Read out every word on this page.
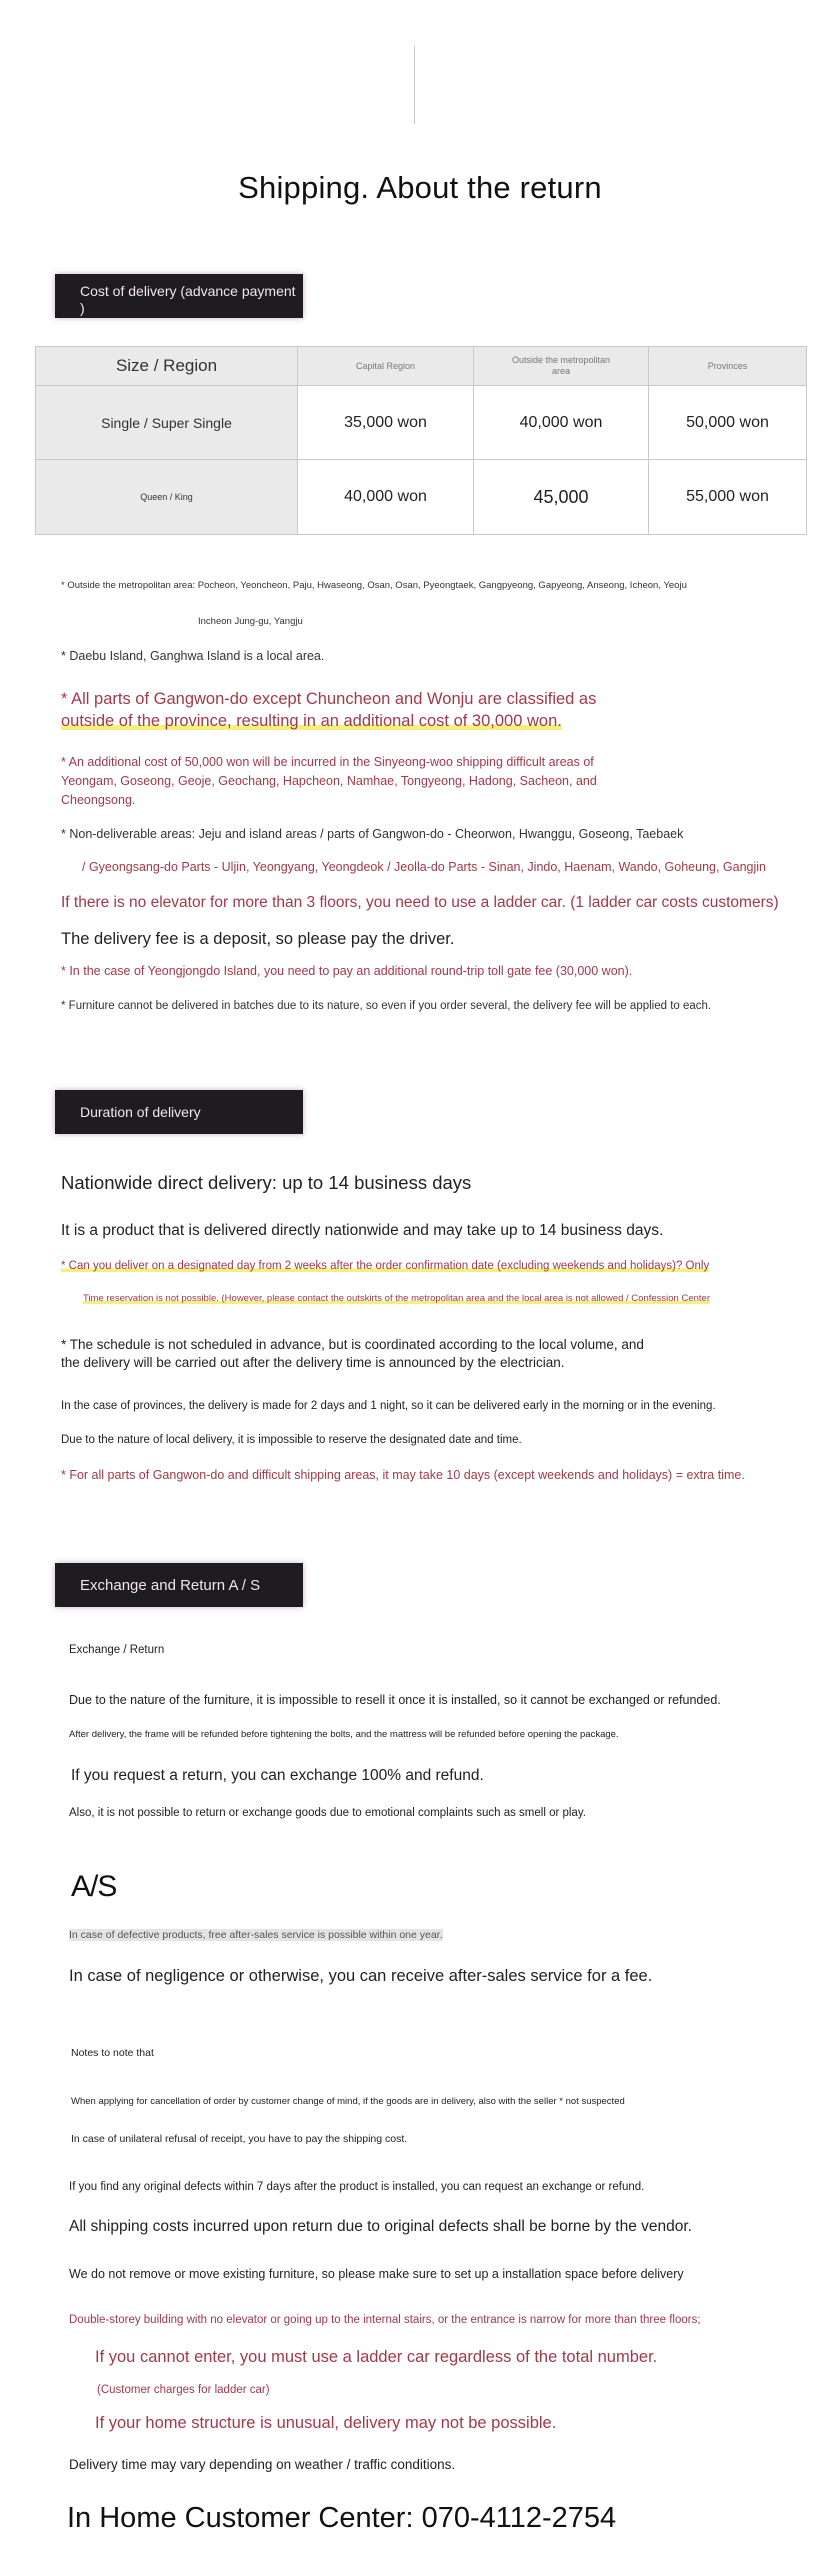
Shipping. About the return
Cost of delivery (advance payment )
Size / Region	Capital Region	Outside the metropolitan area	Provinces
Single / Super Single	35,000 won	40,000 won	50,000 won
Queen / King	40,000 won	45,000	55,000 won
* Outside the metropolitan area: Pocheon, Yeoncheon, Paju, Hwaseong, Osan, Osan, Pyeongtaek, Gangpyeong, Gapyeong, Anseong, Icheon, Yeoju
Incheon Jung-gu, Yangju
* Daebu Island, Ganghwa Island is a local area.
* All parts of Gangwon-do except Chuncheon and Wonju are classified as
outside of the province, resulting in an additional cost of 30,000 won.
* An additional cost of 50,000 won will be incurred in the Sinyeong-woo shipping difficult areas of
Yeongam, Goseong, Geoje, Geochang, Hapcheon, Namhae, Tongyeong, Hadong, Sacheon, and
Cheongsong.
* Non-deliverable areas: Jeju and island areas / parts of Gangwon-do - Cheorwon, Hwanggu, Goseong, Taebaek
/ Gyeongsang-do Parts - Uljin, Yeongyang, Yeongdeok / Jeolla-do Parts - Sinan, Jindo, Haenam, Wando, Goheung, Gangjin
If there is no elevator for more than 3 floors, you need to use a ladder car. (1 ladder car costs customers)
The delivery fee is a deposit, so please pay the driver.
* In the case of Yeongjongdo Island, you need to pay an additional round-trip toll gate fee (30,000 won).
* Furniture cannot be delivered in batches due to its nature, so even if you order several, the delivery fee will be applied to each.
Duration of delivery
Nationwide direct delivery: up to 14 business days
It is a product that is delivered directly nationwide and may take up to 14 business days.
* Can you deliver on a designated day from 2 weeks after the order confirmation date (excluding weekends and holidays)? Only
Time reservation is not possible. (However, please contact the outskirts of the metropolitan area and the local area is not allowed / Confession Center
* The schedule is not scheduled in advance, but is coordinated according to the local volume, and
the delivery will be carried out after the delivery time is announced by the electrician.
In the case of provinces, the delivery is made for 2 days and 1 night, so it can be delivered early in the morning or in the evening.
Due to the nature of local delivery, it is impossible to reserve the designated date and time.
* For all parts of Gangwon-do and difficult shipping areas, it may take 10 days (except weekends and holidays) = extra time.
Exchange and Return A / S
Exchange / Return
Due to the nature of the furniture, it is impossible to resell it once it is installed, so it cannot be exchanged or refunded.
After delivery, the frame will be refunded before tightening the bolts, and the mattress will be refunded before opening the package.
If you request a return, you can exchange 100% and refund.
Also, it is not possible to return or exchange goods due to emotional complaints such as smell or play.
A/S
In case of defective products, free after-sales service is possible within one year.
In case of negligence or otherwise, you can receive after-sales service for a fee.
Notes to note that
When applying for cancellation of order by customer change of mind, if the goods are in delivery, also with the seller * not suspected
In case of unilateral refusal of receipt, you have to pay the shipping cost.
If you find any original defects within 7 days after the product is installed, you can request an exchange or refund.
All shipping costs incurred upon return due to original defects shall be borne by the vendor.
We do not remove or move existing furniture, so please make sure to set up a installation space before delivery
Double-storey building with no elevator or going up to the internal stairs, or the entrance is narrow for more than three floors;
If you cannot enter, you must use a ladder car regardless of the total number.
(Customer charges for ladder car)
If your home structure is unusual, delivery may not be possible.
Delivery time may vary depending on weather / traffic conditions.
In Home Customer Center: 070-4112-2754
